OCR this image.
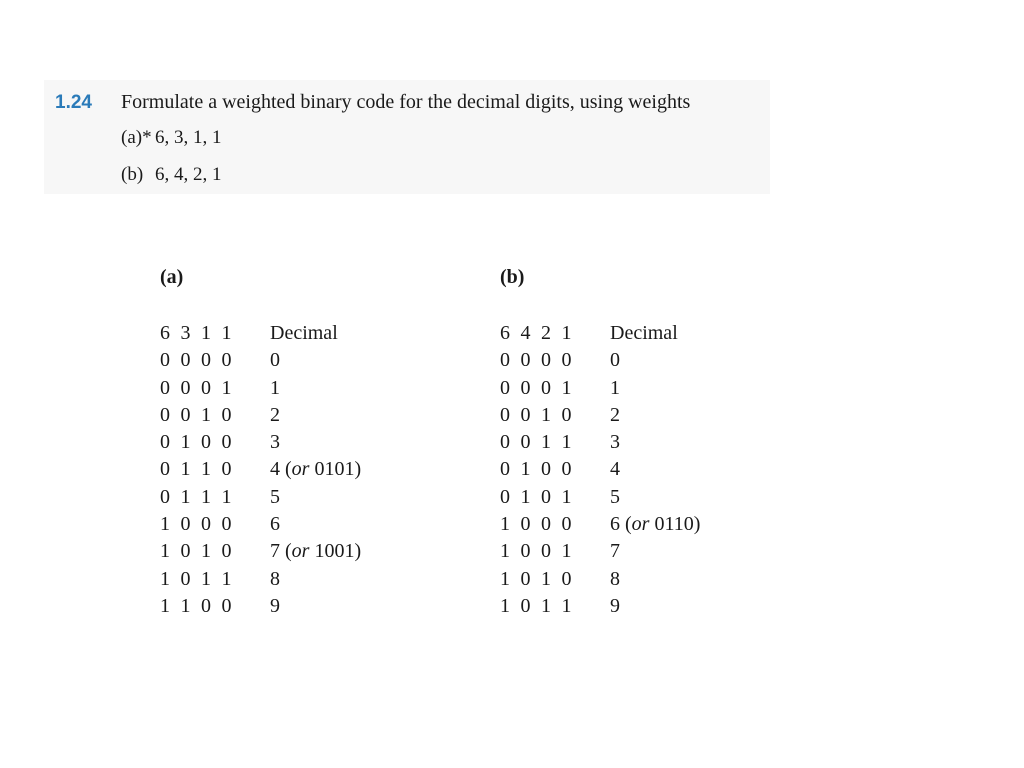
1.24 Formulate a weighted binary code for the decimal digits, using weights
(a)* 6, 3, 1, 1
(b) 6, 4, 2, 1
(a)
6 3 1 1	Decimal
0 0 0 0	0
0 0 0 1	1
0 0 1 0	2
0 1 0 0	3
0 1 1 0	4 (or 0101)
0 1 1 1	5
1 0 0 0	6
1 0 1 0	7 (or 1001)
1 0 1 1	8
1 1 0 0	9
(b)
6 4 2 1	Decimal
0 0 0 0	0
0 0 0 1	1
0 0 1 0	2
0 0 1 1	3
0 1 0 0	4
0 1 0 1	5
1 0 0 0	6 (or 0110)
1 0 0 1	7
1 0 1 0	8
1 0 1 1	9
